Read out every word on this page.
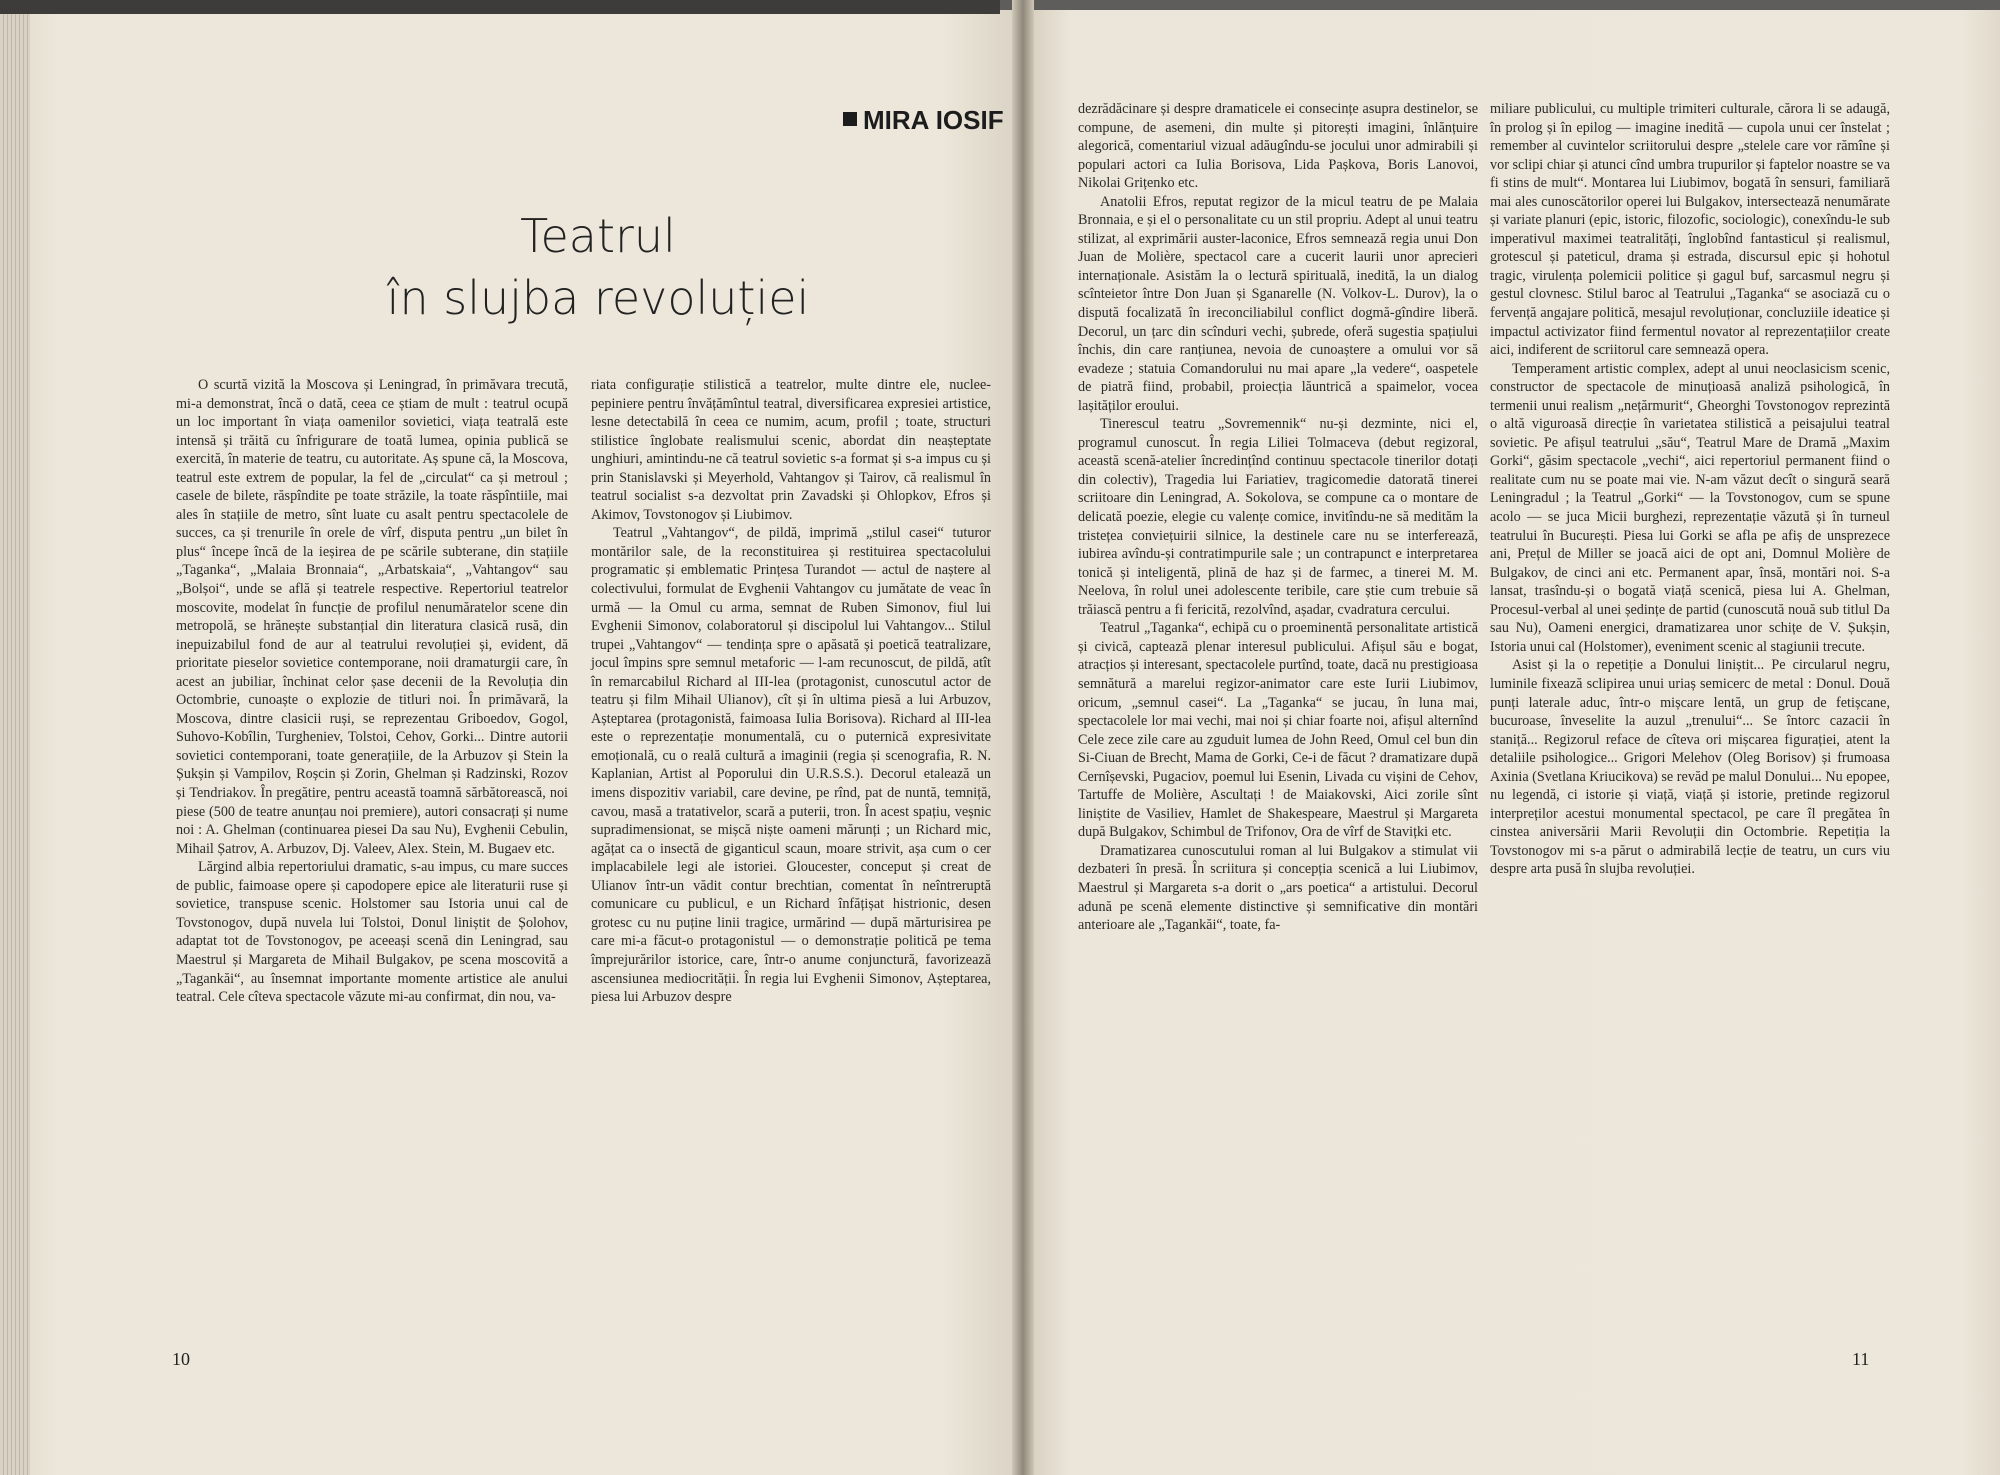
MIRA IOSIF
Teatrul
în slujba revoluției

O scurtă vizită la Moscova și Leningrad, în primăvara trecută, mi-a demonstrat, încă o dată, ceea ce știam de mult : teatrul ocupă un loc important în viața oamenilor sovietici, viața teatrală este intensă și trăită cu înfrigurare de toată lumea, opinia publică se exercită, în materie de teatru, cu autoritate. Aș spune că, la Moscova, teatrul este extrem de popular, la fel de „circulat“ ca și metroul ; casele de bilete, răspîndite pe toate străzile, la toate răspîntiile, mai ales în stațiile de metro, sînt luate cu asalt pentru spectacolele de succes, ca și trenurile în orele de vîrf, disputa pentru „un bilet în plus“ începe încă de la ieșirea de pe scările subterane, din stațiile „Taganka“, „Malaia Bronnaia“, „Arbatskaia“, „Vahtangov“ sau „Bolșoi“, unde se află și teatrele respective. Repertoriul teatrelor moscovite, modelat în funcție de profilul nenumăratelor scene din metropolă, se hrănește substanțial din literatura clasică rusă, din inepuizabilul fond de aur al teatrului revoluției și, evident, dă prioritate pieselor sovietice contemporane, noii dramaturgii care, în acest an jubiliar, închinat celor șase decenii de la Revoluția din Octombrie, cunoaște o explozie de titluri noi. În primăvară, la Moscova, dintre clasicii ruși, se reprezentau Griboedov, Gogol, Suhovo-Kobîlin, Turgheniev, Tolstoi, Cehov, Gorki... Dintre autorii sovietici contemporani, toate generațiile, de la Arbuzov și Stein la Șukșin și Vampilov, Roșcin și Zorin, Ghelman și Radzinski, Rozov și Tendriakov. În pregătire, pentru această toamnă sărbătorească, noi piese (500 de teatre anunțau noi premiere), autori consacrați și nume noi : A. Ghelman (continuarea piesei Da sau Nu), Evghenii Cebulin, Mihail Șatrov, A. Arbuzov, Dj. Valeev, Alex. Stein, M. Bugaev etc.

Lărgind albia repertoriului dramatic, s-au impus, cu mare succes de public, faimoase opere și capodopere epice ale literaturii ruse și sovietice, transpuse scenic. Holstomer sau Istoria unui cal de Tovstonogov, după nuvela lui Tolstoi, Donul liniștit de Șolohov, adaptat tot de Tovstonogov, pe aceeași scenă din Leningrad, sau Maestrul și Margareta de Mihail Bulgakov, pe scena moscovită a „Tagankăi“, au însemnat importante momente artistice ale anului teatral. Cele cîteva spectacole văzute mi-au confirmat, din nou, va-

riata configurație stilistică a teatrelor, multe dintre ele, nuclee-pepiniere pentru învățămîntul teatral, diversificarea expresiei artistice, lesne detectabilă în ceea ce numim, acum, profil ; toate, structuri stilistice înglobate realismului scenic, abordat din neașteptate unghiuri, amintindu-ne că teatrul sovietic s-a format și s-a impus cu și prin Stanislavski și Meyerhold, Vahtangov și Tairov, că realismul în teatrul socialist s-a dezvoltat prin Zavadski și Ohlopkov, Efros și Akimov, Tovstonogov și Liubimov.

Teatrul „Vahtangov“, de pildă, imprimă „stilul casei“ tuturor montărilor sale, de la reconstituirea și restituirea spectacolului programatic și emblematic Prințesa Turandot — actul de naștere al colectivului, formulat de Evghenii Vahtangov cu jumătate de veac în urmă — la Omul cu arma, semnat de Ruben Simonov, fiul lui Evghenii Simonov, colaboratorul și discipolul lui Vahtangov... Stilul trupei „Vahtangov“ — tendința spre o apăsată și poetică teatralizare, jocul împins spre semnul metaforic — l-am recunoscut, de pildă, atît în remarcabilul Richard al III-lea (protagonist, cunoscutul actor de teatru și film Mihail Ulianov), cît și în ultima piesă a lui Arbuzov, Așteptarea (protagonistă, faimoasa Iulia Borisova). Richard al III-lea este o reprezentație monumentală, cu o puternică expresivitate emoțională, cu o reală cultură a imaginii (regia și scenografia, R. N. Kaplanian, Artist al Poporului din U.R.S.S.). Decorul etalează un imens dispozitiv variabil, care devine, pe rînd, pat de nuntă, temniță, cavou, masă a tratativelor, scară a puterii, tron. În acest spațiu, veșnic supradimensionat, se mișcă niște oameni mărunți ; un Richard mic, agățat ca o insectă de giganticul scaun, moare strivit, așa cum o cer implacabilele legi ale istoriei. Gloucester, conceput și creat de Ulianov într-un vădit contur brechtian, comentat în neîntreruptă comunicare cu publicul, e un Richard înfățișat histrionic, desen grotesc cu nu puține linii tragice, urmărind — după mărturisirea pe care mi-a făcut-o protagonistul — o demonstrație politică pe tema împrejurărilor istorice, care, într-o anume conjunctură, favorizează ascensiunea mediocrității. În regia lui Evghenii Simonov, Așteptarea, piesa lui Arbuzov despre

10

dezrădăcinare și despre dramaticele ei consecințe asupra destinelor, se compune, de asemeni, din multe și pitorești imagini, înlănțuire alegorică, comentariul vizual adăugîndu-se jocului unor admirabili și populari actori ca Iulia Borisova, Lida Pașkova, Boris Lanovoi, Nikolai Grițenko etc.

Anatolii Efros, reputat regizor de la micul teatru de pe Malaia Bronnaia, e și el o personalitate cu un stil propriu. Adept al unui teatru stilizat, al exprimării auster-laconice, Efros semnează regia unui Don Juan de Molière, spectacol care a cucerit laurii unor aprecieri internaționale. Asistăm la o lectură spirituală, inedită, la un dialog scînteietor între Don Juan și Sganarelle (N. Volkov-L. Durov), la o dispută focalizată în ireconciliabilul conflict dogmă-gîndire liberă. Decorul, un țarc din scînduri vechi, șubrede, oferă sugestia spațiului închis, din care ranțiunea, nevoia de cunoaștere a omului vor să evadeze ; statuia Comandorului nu mai apare „la vedere“, oaspetele de piatră fiind, probabil, proiecția lăuntrică a spaimelor, vocea lașităților eroului.

Tinerescul teatru „Sovremennik“ nu-și dezminte, nici el, programul cunoscut. În regia Liliei Tolmaceva (debut regizoral, această scenă-atelier încredințînd continuu spectacole tinerilor dotați din colectiv), Tragedia lui Fariatiev, tragicomedie datorată tinerei scriitoare din Leningrad, A. Sokolova, se compune ca o montare de delicată poezie, elegie cu valențe comice, invitîndu-ne să medităm la tristețea conviețuirii silnice, la destinele care nu se interferează, iubirea avîndu-și contratimpurile sale ; un contrapunct e interpretarea tonică și inteligentă, plină de haz și de farmec, a tinerei M. M. Neelova, în rolul unei adolescente teribile, care știe cum trebuie să trăiască pentru a fi fericită, rezolvînd, așadar, cvadratura cercului.

Teatrul „Taganka“, echipă cu o proeminentă personalitate artistică și civică, captează plenar interesul publicului. Afișul său e bogat, atracțios și interesant, spectacolele purtînd, toate, dacă nu prestigioasa semnătură a marelui regizor-animator care este Iurii Liubimov, oricum, „semnul casei“. La „Taganka“ se jucau, în luna mai, spectacolele lor mai vechi, mai noi și chiar foarte noi, afișul alternînd Cele zece zile care au zguduit lumea de John Reed, Omul cel bun din Si-Ciuan de Brecht, Mama de Gorki, Ce-i de făcut ? dramatizare după Cernîșevski, Pugaciov, poemul lui Esenin, Livada cu vișini de Cehov, Tartuffe de Molière, Ascultați ! de Maiakovski, Aici zorile sînt liniștite de Vasiliev, Hamlet de Shakespeare, Maestrul și Margareta după Bulgakov, Schimbul de Trifonov, Ora de vîrf de Stavițki etc.

Dramatizarea cunoscutului roman al lui Bulgakov a stimulat vii dezbateri în presă. În scriitura și concepția scenică a lui Liubimov, Maestrul și Margareta s-a dorit o „ars poetica“ a artistului. Decorul adună pe scenă elemente distinctive și semnificative din montări anterioare ale „Tagankăi“, toate, fa-

miliare publicului, cu multiple trimiteri culturale, cărora li se adaugă, în prolog și în epilog — imagine inedită — cupola unui cer înstelat ; remember al cuvintelor scriitorului despre „stelele care vor rămîne și vor sclipi chiar și atunci cînd umbra trupurilor și faptelor noastre se va fi stins de mult“. Montarea lui Liubimov, bogată în sensuri, familiară mai ales cunoscătorilor operei lui Bulgakov, intersectează nenumărate și variate planuri (epic, istoric, filozofic, sociologic), conexîndu-le sub imperativul maximei teatralități, înglobînd fantasticul și realismul, grotescul și pateticul, drama și estrada, discursul epic și hohotul tragic, virulența polemicii politice și gagul buf, sarcasmul negru și gestul clovnesc. Stilul baroc al Teatrului „Taganka“ se asociază cu o fervență angajare politică, mesajul revoluționar, concluziile ideatice și impactul activizator fiind fermentul novator al reprezentațiilor create aici, indiferent de scriitorul care semnează opera.

Temperament artistic complex, adept al unui neoclasicism scenic, constructor de spectacole de minuțioasă analiză psihologică, în termenii unui realism „nețărmurit“, Gheorghi Tovstonogov reprezintă o altă viguroasă direcție în varietatea stilistică a peisajului teatral sovietic. Pe afișul teatrului „său“, Teatrul Mare de Dramă „Maxim Gorki“, găsim spectacole „vechi“, aici repertoriul permanent fiind o realitate cum nu se poate mai vie. N-am văzut decît o singură seară Leningradul ; la Teatrul „Gorki“ — la Tovstonogov, cum se spune acolo — se juca Micii burghezi, reprezentație văzută și în turneul teatrului în București. Piesa lui Gorki se afla pe afiș de unsprezece ani, Prețul de Miller se joacă aici de opt ani, Domnul Molière de Bulgakov, de cinci ani etc. Permanent apar, însă, montări noi. S-a lansat, trasîndu-și o bogată viață scenică, piesa lui A. Ghelman, Procesul-verbal al unei ședințe de partid (cunoscută nouă sub titlul Da sau Nu), Oameni energici, dramatizarea unor schițe de V. Șukșin, Istoria unui cal (Holstomer), eveniment scenic al stagiunii trecute.

Asist și la o repetiție a Donului liniștit... Pe circularul negru, luminile fixează sclipirea unui uriaș semicerc de metal : Donul. Două punți laterale aduc, într-o mișcare lentă, un grup de fetișcane, bucuroase, învеselite la auzul „trenului“... Se întorc cazacii în staniță... Regizorul reface de cîteva ori mișcarea figurației, atent la detaliile psihologice... Grigori Melehov (Oleg Borisov) și frumoasa Axinia (Svetlana Kriucikova) se revăd pe malul Donului... Nu epopee, nu legendă, ci istorie și viață, viață și istorie, pretinde regizorul interpreților acestui monumental spectacol, pe care îl pregătea în cinstea aniversării Marii Revoluții din Octombrie. Repetiția la Tovstonogov mi s-a părut o admirabilă lecție de teatru, un curs viu despre arta pusă în slujba revoluției.

11
